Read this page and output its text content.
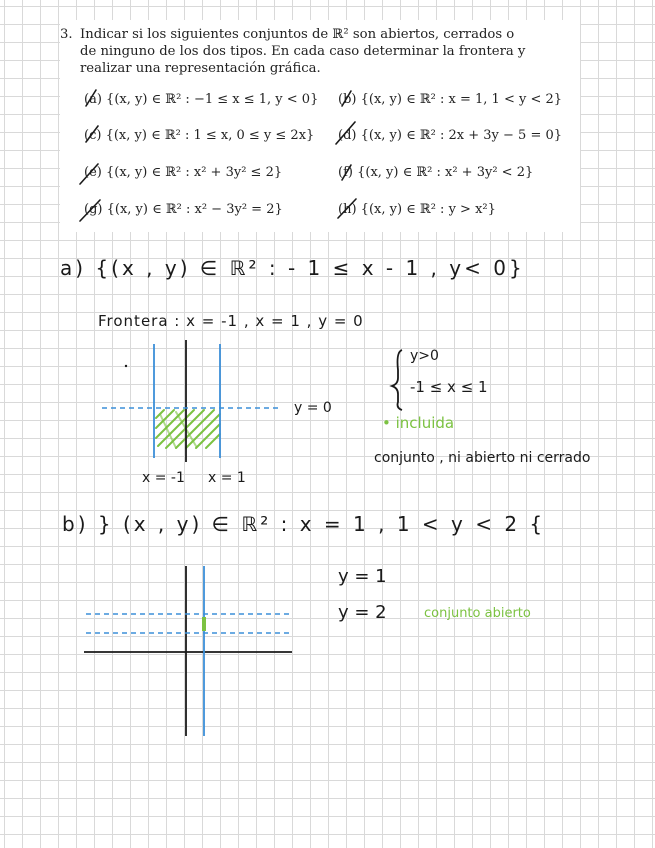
3. Indicar si los siguientes conjuntos de ℝ² son abiertos, cerrados o de ninguno de los dos tipos. En cada caso determinar la frontera y realizar una representación gráfica.
(a) {(x, y) ∈ ℝ² : −1 ≤ x ≤ 1, y < 0} (b) {(x, y) ∈ ℝ² : x = 1, 1 < y < 2}
(c) {(x, y) ∈ ℝ² : 1 ≤ x, 0 ≤ y ≤ 2x} (d) {(x, y) ∈ ℝ² : 2x + 3y − 5 = 0}
(e) {(x, y) ∈ ℝ² : x² + 3y² ≤ 2}	(f) {(x, y) ∈ ℝ² : x² + 3y² < 2}
(g) {(x, y) ∈ ℝ² : x² − 3y² = 2}	(h) {(x, y) ∈ ℝ² : y > x²}
a) {(x , y) ∈ ℝ² : - 1 ≤ x - 1 , y< 0}
Frontera : x = -1 , x = 1 , y = 0
y = 0
x = -1 x = 1
y>0
-1 ≤ x ≤ 1
• incluida
conjunto , ni abierto ni cerrado
b) } (x , y) ∈ ℝ² : x = 1 , 1 < y < 2 {
y = 1
y = 2	conjunto abierto
